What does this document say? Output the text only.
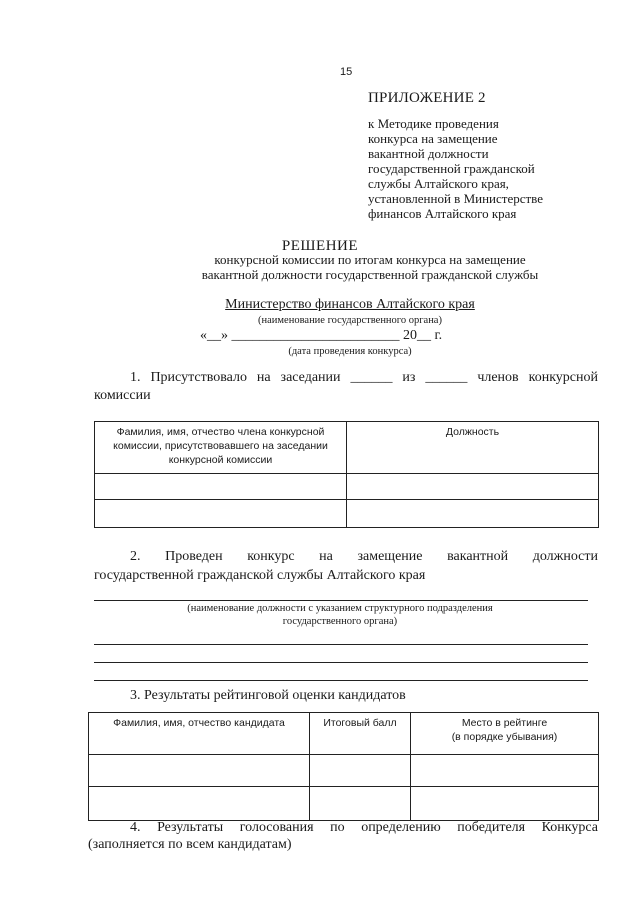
15
ПРИЛОЖЕНИЕ 2
к Методике проведения
конкурса на замещение
вакантной должности
государственной гражданской
службы Алтайского края,
установленной в Министерстве
финансов Алтайского края
РЕШЕНИЕ
конкурсной комиссии по итогам конкурса на замещение
вакантной должности государственной гражданской службы
Министерство финансов Алтайского края
(наименование государственного органа)
«__» ________________________ 20__ г.
(дата проведения конкурса)
1. Присутствовало на заседании ______ из ______ членов конкурсной
комиссии
Фамилия, имя, отчество члена конкурсной комиссии, присутствовавшего на заседании конкурсной комиссии	Должность

2. Проведен конкурс на замещение вакантной должности
государственной гражданской службы Алтайского края
(наименование должности с указанием структурного подразделения
государственного органа)
3. Результаты рейтинговой оценки кандидатов
Фамилия, имя, отчество кандидата	Итоговый балл	Место в рейтинге
(в порядке убывания)

4. Результаты голосования по определению победителя Конкурса
(заполняется по всем кандидатам)
